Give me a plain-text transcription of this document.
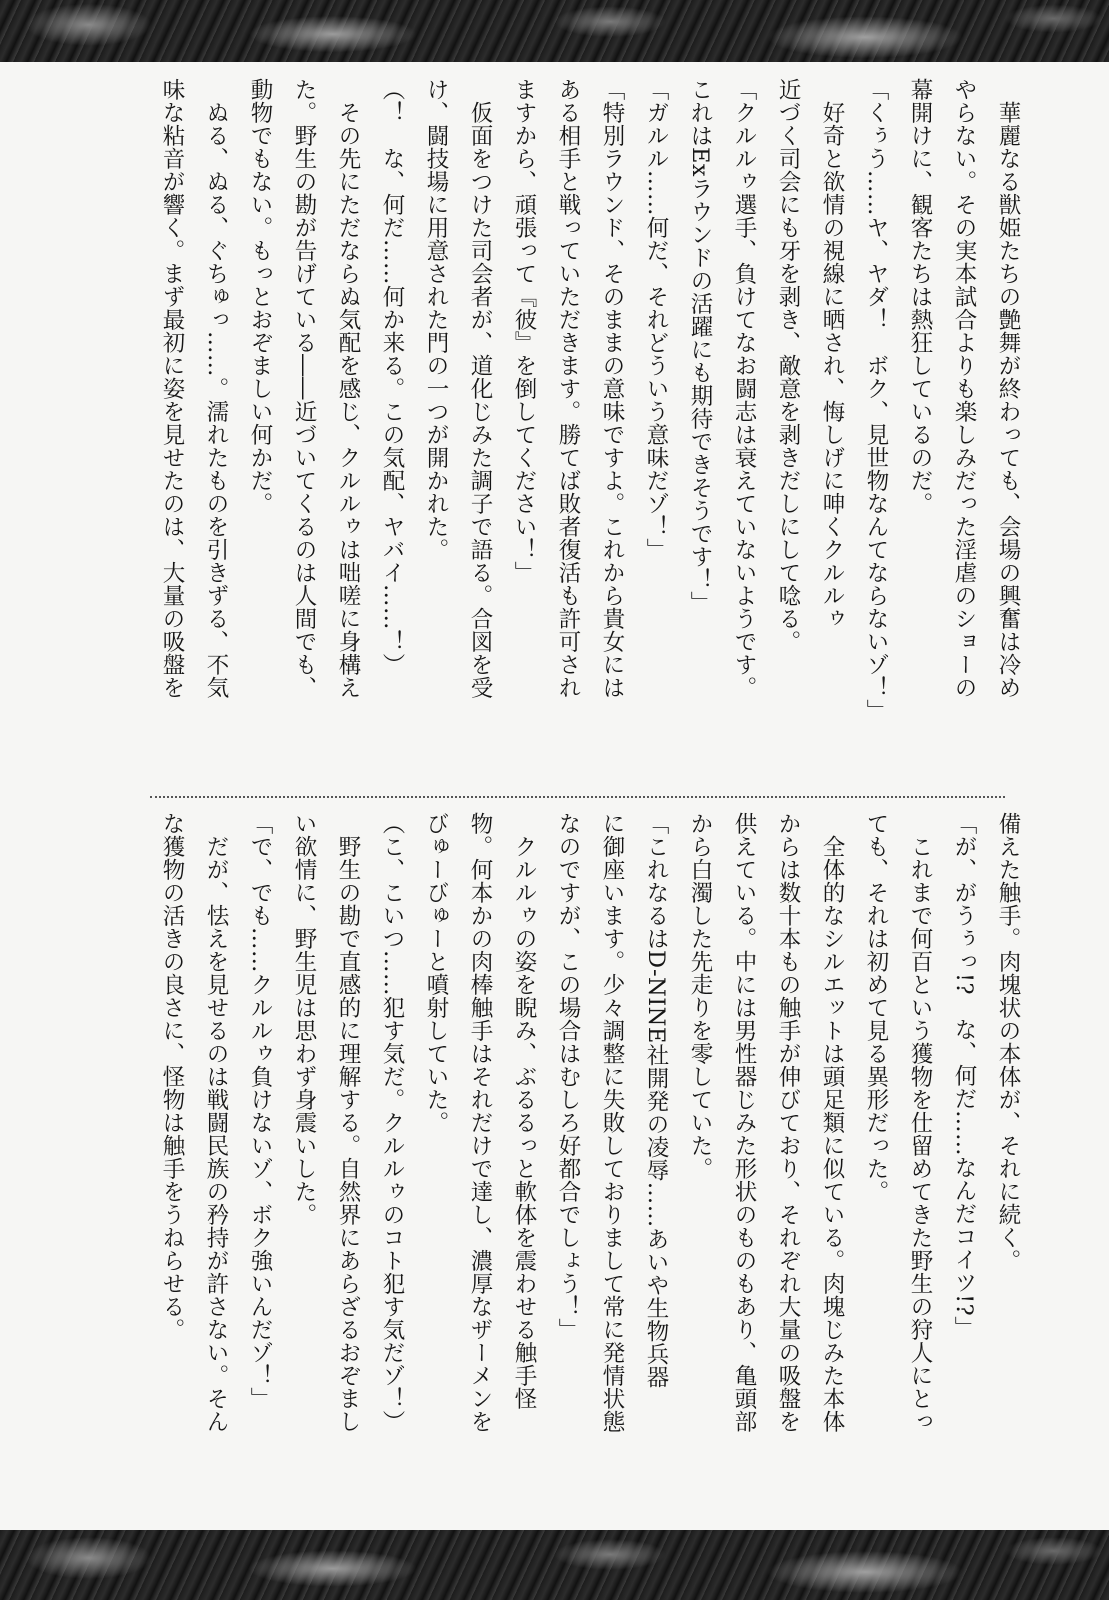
　華麗なる獣姫たちの艶舞が終わっても、会場の興奮は冷め

やらない。その実本試合よりも楽しみだった淫虐のショーの

幕開けに、観客たちは熱狂しているのだ。

「くぅう……ヤ、ヤダ！　ボク、見世物なんてならないゾ！」

　好奇と欲情の視線に晒され、悔しげに呻くクルルゥ

近づく司会にも牙を剥き、敵意を剥きだしにして唸る。

「クルルゥ選手、負けてなお闘志は衰えていないようです。

これはExラウンドの活躍にも期待できそうです！」

「ガルル……何だ、それどういう意味だゾ！」

「特別ラウンド、そのままの意味ですよ。これから貴女には

ある相手と戦っていただきます。勝てば敗者復活も許可され

ますから、頑張って『彼』を倒してください！」

　仮面をつけた司会者が、道化じみた調子で語る。合図を受

け、闘技場に用意された門の一つが開かれた。

（！　な、何だ……何か来る。この気配、ヤバイ……！）

　その先にただならぬ気配を感じ、クルルゥは咄嗟に身構え

た。野生の勘が告げている――近づいてくるのは人間でも、

動物でもない。もっとおぞましい何かだ。

　ぬる、ぬる、ぐちゅっ……。濡れたものを引きずる、不気

味な粘音が響く。まず最初に姿を見せたのは、大量の吸盤を

備えた触手。肉塊状の本体が、それに続く。

「が、がうぅっ!?　な、何だ……なんだコイツ!?」

　これまで何百という獲物を仕留めてきた野生の狩人にとっ

ても、それは初めて見る異形だった。

　全体的なシルエットは頭足類に似ている。肉塊じみた本体

からは数十本もの触手が伸びており、それぞれ大量の吸盤を

供えている。中には男性器じみた形状のものもあり、亀頭部

から白濁した先走りを零していた。

「これなるはD-NINE社開発の凌辱……あいや生物兵器

に御座います。少々調整に失敗しておりまして常に発情状態

なのですが、この場合はむしろ好都合でしょう！」

　クルルゥの姿を睨み、ぶるるっと軟体を震わせる触手怪

物。何本かの肉棒触手はそれだけで達し、濃厚なザーメンを

びゅーびゅーと噴射していた。

（こ、こいつ……犯す気だ。クルルゥのコト犯す気だゾ！）

　野生の勘で直感的に理解する。自然界にあらざるおぞまし

い欲情に、野生児は思わず身震いした。

「で、でも……クルルゥ負けないゾ、ボク強いんだゾ！」

　だが、怯えを見せるのは戦闘民族の矜持が許さない。そん

な獲物の活きの良さに、怪物は触手をうねらせる。
